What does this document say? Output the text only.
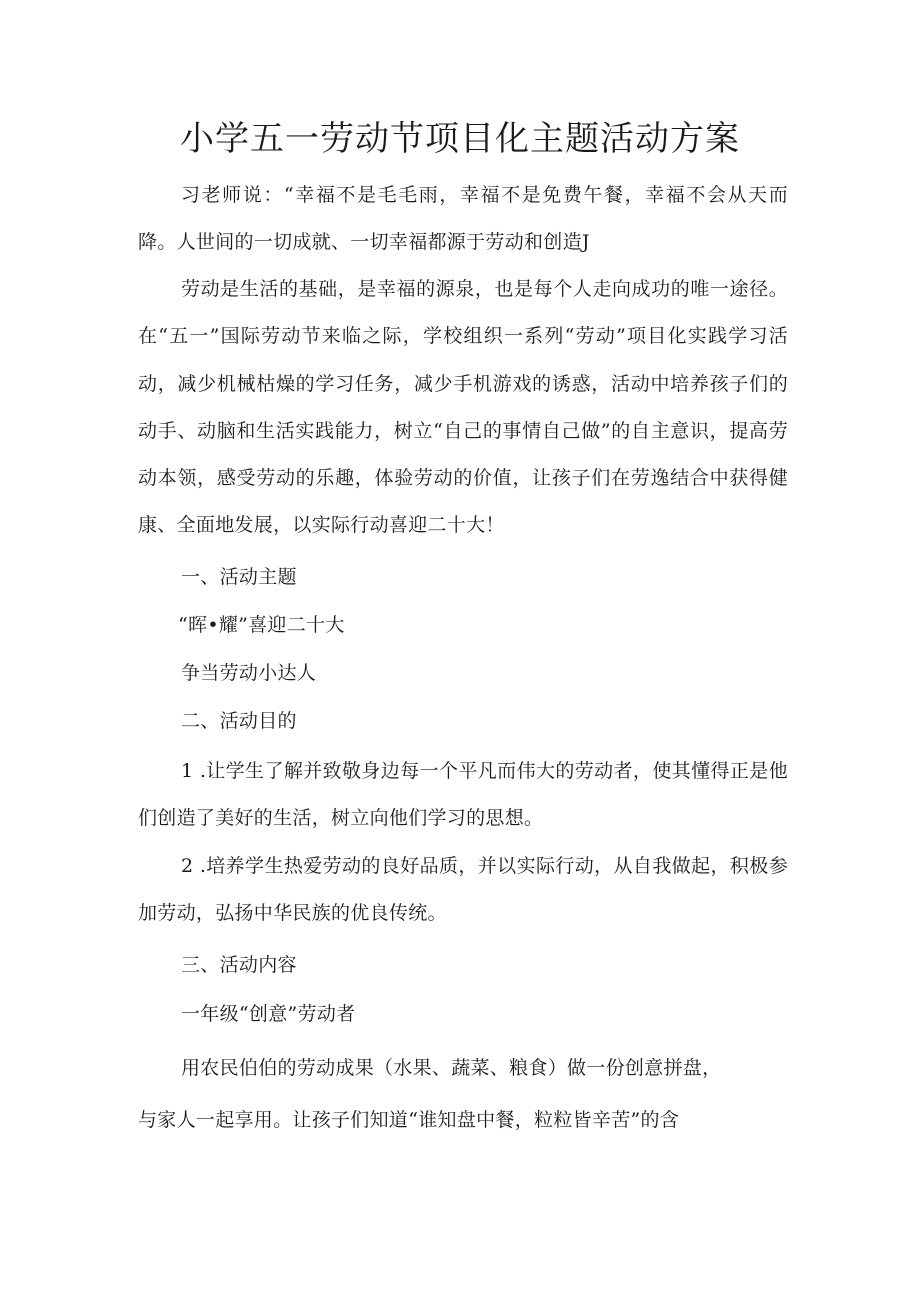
小学五一劳动节项目化主题活动方案

习老师说：“幸福不是毛毛雨，幸福不是免费午餐，幸福不会从天而降。人世间的一切成就、一切幸福都源于劳动和创造J

劳动是生活的基础，是幸福的源泉，也是每个人走向成功的唯一途径。在“五一”国际劳动节来临之际，学校组织一系列“劳动”项目化实践学习活动，减少机械枯燥的学习任务，减少手机游戏的诱惑，活动中培养孩子们的动手、动脑和生活实践能力，树立“自己的事情自己做”的自主意识，提高劳动本领，感受劳动的乐趣，体验劳动的价值，让孩子们在劳逸结合中获得健康、全面地发展，以实际行动喜迎二十大！

一、活动主题

“晖•耀”喜迎二十大

争当劳动小达人

二、活动目的

1 .让学生了解并致敬身边每一个平凡而伟大的劳动者，使其懂得正是他们创造了美好的生活，树立向他们学习的思想。

2 .培养学生热爱劳动的良好品质，并以实际行动，从自我做起，积极参加劳动，弘扬中华民族的优良传统。

三、活动内容

一年级“创意”劳动者

用农民伯伯的劳动成果（水果、蔬菜、粮食）做一份创意拼盘，

与家人一起享用。让孩子们知道“谁知盘中餐，粒粒皆辛苦”的含
